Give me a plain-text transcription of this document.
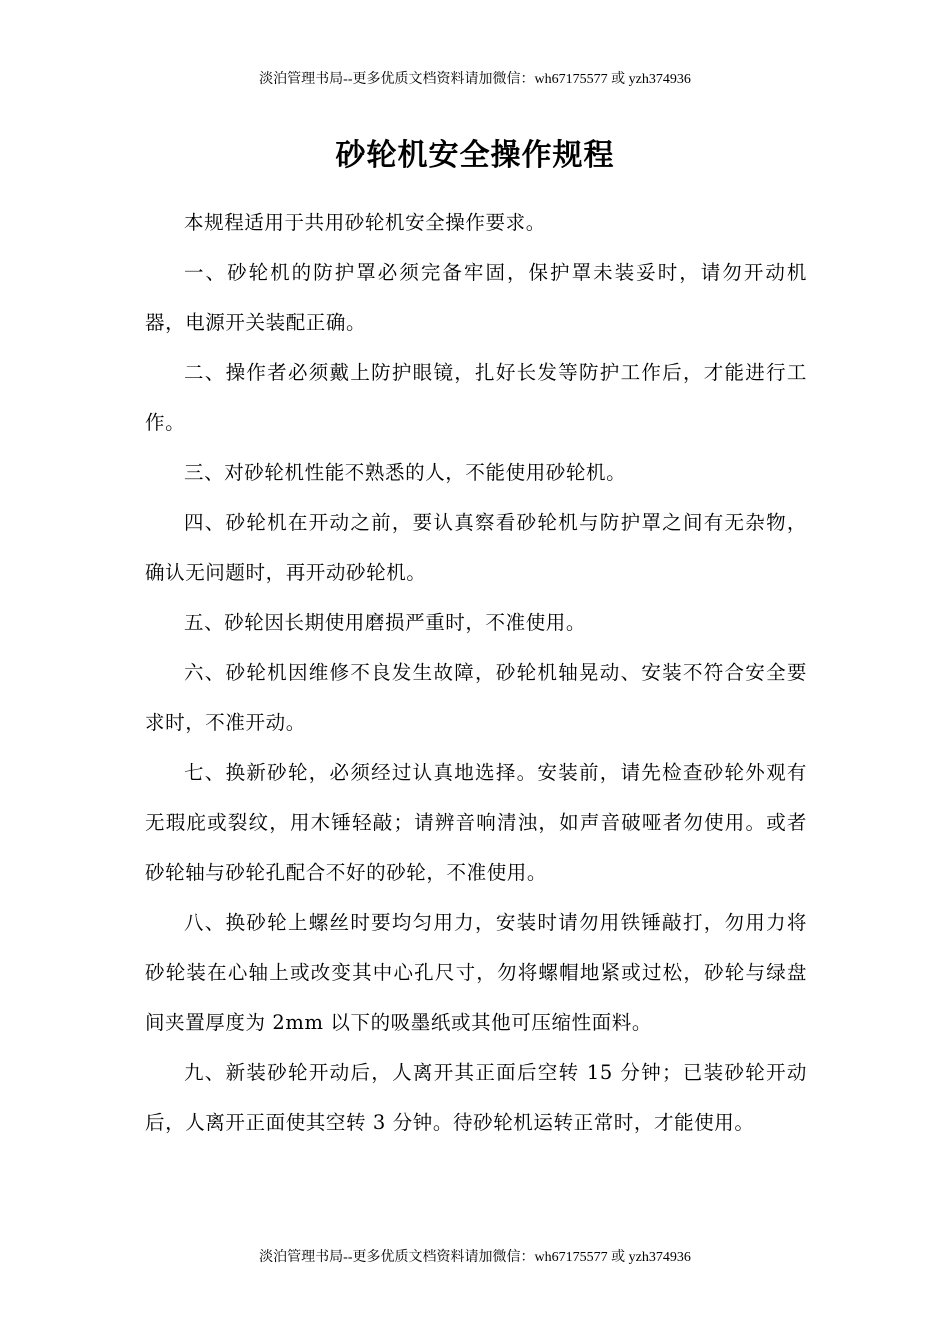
淡泊管理书局--更多优质文档资料请加微信：wh67175577 或 yzh374936
砂轮机安全操作规程

本规程适用于共用砂轮机安全操作要求。

一、砂轮机的防护罩必须完备牢固，保护罩未装妥时，请勿开动机器，电源开关装配正确。

二、操作者必须戴上防护眼镜，扎好长发等防护工作后，才能进行工作。

三、对砂轮机性能不熟悉的人，不能使用砂轮机。

四、砂轮机在开动之前，要认真察看砂轮机与防护罩之间有无杂物，确认无问题时，再开动砂轮机。

五、砂轮因长期使用磨损严重时，不准使用。

六、砂轮机因维修不良发生故障，砂轮机轴晃动、安装不符合安全要求时，不准开动。

七、换新砂轮，必须经过认真地选择。安装前，请先检查砂轮外观有无瑕庇或裂纹，用木锤轻敲；请辨音响清浊，如声音破哑者勿使用。或者砂轮轴与砂轮孔配合不好的砂轮，不准使用。

八、换砂轮上螺丝时要均匀用力，安装时请勿用铁锤敲打，勿用力将砂轮装在心轴上或改变其中心孔尺寸，勿将螺帽地紧或过松，砂轮与绿盘间夹置厚度为 2mm 以下的吸墨纸或其他可压缩性面料。

九、新装砂轮开动后，人离开其正面后空转 15 分钟；已装砂轮开动后，人离开正面使其空转 3 分钟。待砂轮机运转正常时，才能使用。

淡泊管理书局--更多优质文档资料请加微信：wh67175577 或 yzh374936
